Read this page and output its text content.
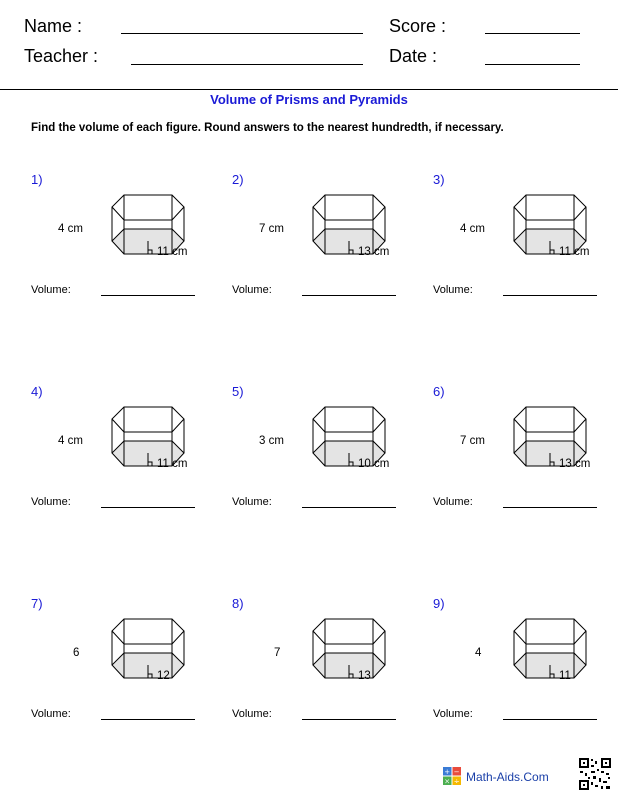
Name :	Score :
Teacher :	Date :
Volume of Prisms and Pyramids
Find the volume of each figure. Round answers to the nearest hundredth, if necessary.
1)
4 cm
11 cm
Volume:
2)
7 cm
13 cm
Volume:
3)
4 cm
11 cm
Volume:
4)
4 cm
11 cm
Volume:
5)
3 cm
10 cm
Volume:
6)
7 cm
13 cm
Volume:
7)
6
12
Volume:
8)
7
13
Volume:
9)
4
11
Volume:
+ −
× ÷ Math-Aids.Com
